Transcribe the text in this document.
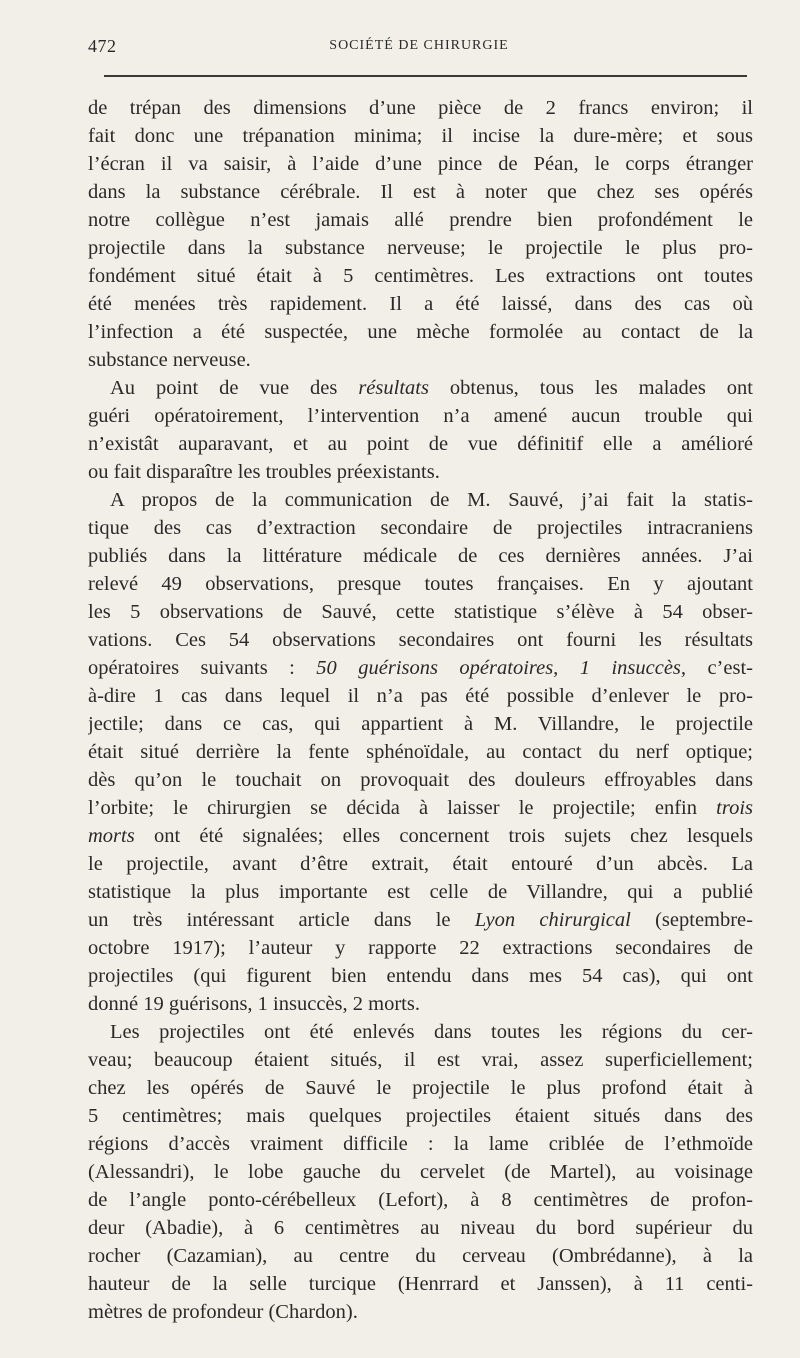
472	SOCIÉTÉ DE CHIRURGIE
de trépan des dimensions d’une pièce de 2 francs environ; il
fait donc une trépanation minima; il incise la dure-mère; et sous
l’écran il va saisir, à l’aide d’une pince de Péan, le corps étranger
dans la substance cérébrale. Il est à noter que chez ses opérés
notre collègue n’est jamais allé prendre bien profondément le
projectile dans la substance nerveuse; le projectile le plus pro-
fondément situé était à 5 centimètres. Les extractions ont toutes
été menées très rapidement. Il a été laissé, dans des cas où
l’infection a été suspectée, une mèche formolée au contact de la
substance nerveuse.
Au point de vue des résultats obtenus, tous les malades ont
guéri opératoirement, l’intervention n’a amené aucun trouble qui
n’existât auparavant, et au point de vue définitif elle a amélioré
ou fait disparaître les troubles préexistants.
A propos de la communication de M. Sauvé, j’ai fait la statis-
tique des cas d’extraction secondaire de projectiles intracraniens
publiés dans la littérature médicale de ces dernières années. J’ai
relevé 49 observations, presque toutes françaises. En y ajoutant
les 5 observations de Sauvé, cette statistique s’élève à 54 obser-
vations. Ces 54 observations secondaires ont fourni les résultats
opératoires suivants : 50 guérisons opératoires, 1 insuccès, c’est-
à-dire 1 cas dans lequel il n’a pas été possible d’enlever le pro-
jectile; dans ce cas, qui appartient à M. Villandre, le projectile
était situé derrière la fente sphénoïdale, au contact du nerf optique;
dès qu’on le touchait on provoquait des douleurs effroyables dans
l’orbite; le chirurgien se décida à laisser le projectile; enfin trois
morts ont été signalées; elles concernent trois sujets chez lesquels
le projectile, avant d’être extrait, était entouré d’un abcès. La
statistique la plus importante est celle de Villandre, qui a publié
un très intéressant article dans le Lyon chirurgical (septembre-
octobre 1917); l’auteur y rapporte 22 extractions secondaires de
projectiles (qui figurent bien entendu dans mes 54 cas), qui ont
donné 19 guérisons, 1 insuccès, 2 morts.
Les projectiles ont été enlevés dans toutes les régions du cer-
veau; beaucoup étaient situés, il est vrai, assez superficiellement;
chez les opérés de Sauvé le projectile le plus profond était à
5 centimètres; mais quelques projectiles étaient situés dans des
régions d’accès vraiment difficile : la lame criblée de l’ethmoïde
(Alessandri), le lobe gauche du cervelet (de Martel), au voisinage
de l’angle ponto-cérébelleux (Lefort), à 8 centimètres de profon-
deur (Abadie), à 6 centimètres au niveau du bord supérieur du
rocher (Cazamian), au centre du cerveau (Ombrédanne), à la
hauteur de la selle turcique (Henrrard et Janssen), à 11 centi-
mètres de profondeur (Chardon).
